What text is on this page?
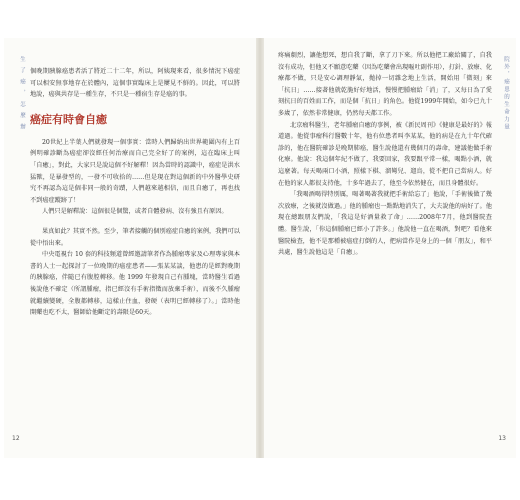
生 了 癌 ， 怎 麼 辦 個晚期胰腺癌患者活了將近二十二年，所以，阿姨現來看，很多情況下癌症可以相安無事地存在於體內，這個事實臨床上是屢見不鮮的。因此，可以將地說，癌與共存是一種生存，不只是一種宿生存是癌的事。

癌症有時會自癒

20世紀上半葉人們就發現一個事實：當時人們歸納出世界範圍內有上百例明確診斷為癌症卻沒經任何治療而自己完全好了的案例，這在臨床上叫「自癒」，對此，大家只是說這個不好解釋！因為當時的認識中，癌症是洪水猛獸，是暴發型的，一發不可收拾的……但是現在對這個新的中外醫學史研究不再認為這是個非同一般的奇蹟，人們越來越相信，而且自癒了，再也找不到癌症蹤跡了！

人們只是解釋說：這個很是個驚，或者自體發病、沒有強且有原因。

果真如此？其實不然。至少，筆者接觸的個別癌症自癒的案例，我們可以從中悟出來。

中央電視台 10 套的科技頻道曾經邀請筆者作為腫瘤專家及心理專家與本書的人士一起探討了一位晚期的癌症患者——張某某談，他患的是經對晚期的胰腺癌，伴隨已有腹腔轉移。他 1999 年發現自己有腫塊，當時醫生看過後說他不確定（所謂腫瘤，指已經沒有手術指徵而放棄手術），而後不久腫瘤就繼續變硬，全腹都轉移，這樣止住血，發硬（表明已經轉移了）。」當時他開藥也吃不太，醫師給他斷定的壽限是60天。

12
院外，癌患的生命力量

疼痛劇烈，讓他想死，想自我了斷，拿了刀下來。所以他把工廠給關了，自我沒有成功，但他又不願意吃藥（因為吃藥會出現嘔吐副作用），打針、放療、化療都不做，只是安心調理靜氣，拋掉一切雜念地上生活，開始用「微刻」來「抗日」……接著他就乾脆好好地活，慢慢把腫瘤給「消」了，又每日為了愛刻抗日的百姓而工作，而是個「抗日」的角色。他從1999年開始，如今已九十多歲了，依然非常健康，仍然每天都工作。

北京瘤科醫生，老年腫瘤自癒的事例，被《新民周刊》《健康是最好的》報道過。他從事瘤科行醫數十年，他有位患者叫李某某，他的病是在九十年代確診的，他在醫院確診是晚期肺癌，醫生說他還有幾個月的壽命，建議他做手術化療。他說：我這個年紀不做了，我要回家，我要跟平常一樣，喝點小酒，就這麼著。每天喝兩口小酒，照樣下棋、溜彎兒、遛鳥，從不把自己當病人。好在他的家人都很支持他，十多年過去了，他至今依然健在，而且身體很好。

「我喝酒喝得特別厲，喝著喝著我就把手術給忘了」他說，「手術後做了幾次放療，之後就沒做過。」他的腫瘤也一點點地消失了，大夫說他的病好了。他現在總跟朋友們說，「我這是好酒量救了命」……2008年7月，他到醫院查體。醫生說，「你這個腫瘤已經小了許多。」他說他一直在喝酒，對吧？看他來醫院檢查，他不是那種被癌症打倒的人，把病當作是身上的一個「朋友」，和平共處，醫生說他這是「自癒」。

13
